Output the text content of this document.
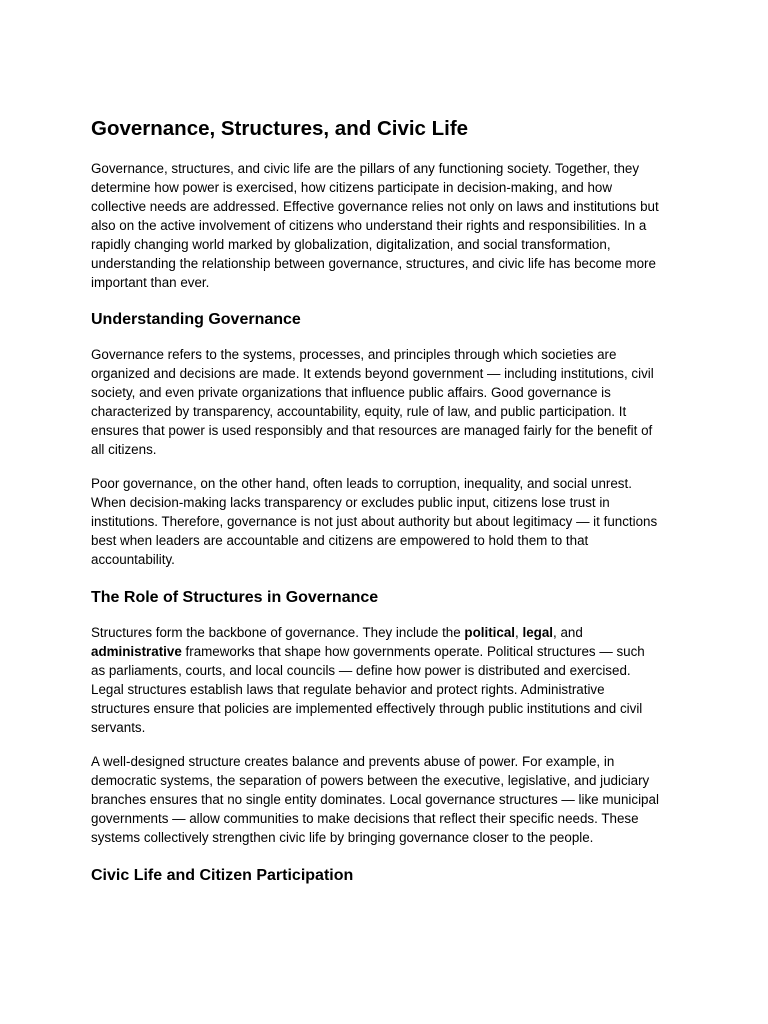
Governance, Structures, and Civic Life

Governance, structures, and civic life are the pillars of any functioning society. Together, they
determine how power is exercised, how citizens participate in decision-making, and how
collective needs are addressed. Effective governance relies not only on laws and institutions but
also on the active involvement of citizens who understand their rights and responsibilities. In a
rapidly changing world marked by globalization, digitalization, and social transformation,
understanding the relationship between governance, structures, and civic life has become more
important than ever.

Understanding Governance

Governance refers to the systems, processes, and principles through which societies are
organized and decisions are made. It extends beyond government — including institutions, civil
society, and even private organizations that influence public affairs. Good governance is
characterized by transparency, accountability, equity, rule of law, and public participation. It
ensures that power is used responsibly and that resources are managed fairly for the benefit of
all citizens.

Poor governance, on the other hand, often leads to corruption, inequality, and social unrest.
When decision-making lacks transparency or excludes public input, citizens lose trust in
institutions. Therefore, governance is not just about authority but about legitimacy — it functions
best when leaders are accountable and citizens are empowered to hold them to that
accountability.

The Role of Structures in Governance

Structures form the backbone of governance. They include the political, legal, and
administrative frameworks that shape how governments operate. Political structures — such
as parliaments, courts, and local councils — define how power is distributed and exercised.
Legal structures establish laws that regulate behavior and protect rights. Administrative
structures ensure that policies are implemented effectively through public institutions and civil
servants.

A well-designed structure creates balance and prevents abuse of power. For example, in
democratic systems, the separation of powers between the executive, legislative, and judiciary
branches ensures that no single entity dominates. Local governance structures — like municipal
governments — allow communities to make decisions that reflect their specific needs. These
systems collectively strengthen civic life by bringing governance closer to the people.

Civic Life and Citizen Participation
